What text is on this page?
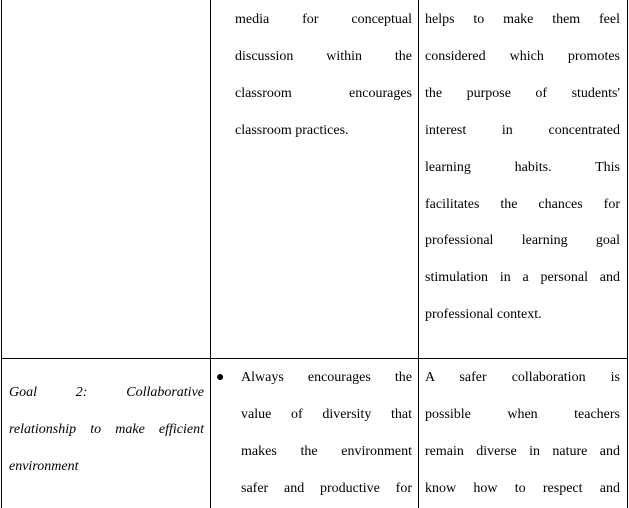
media for conceptual
discussion within the
classroom encourages
classroom practices.
helps to make them feel
considered which promotes
the purpose of students'
interest in concentrated
learning habits. This
facilitates the chances for
professional learning goal
stimulation in a personal and
professional context.
Goal 2: Collaborative
relationship to make efficient
environment
● Always encourages the
value of diversity that
makes the environment
safer and productive for
A safer collaboration is
possible when teachers
remain diverse in nature and
know how to respect and
